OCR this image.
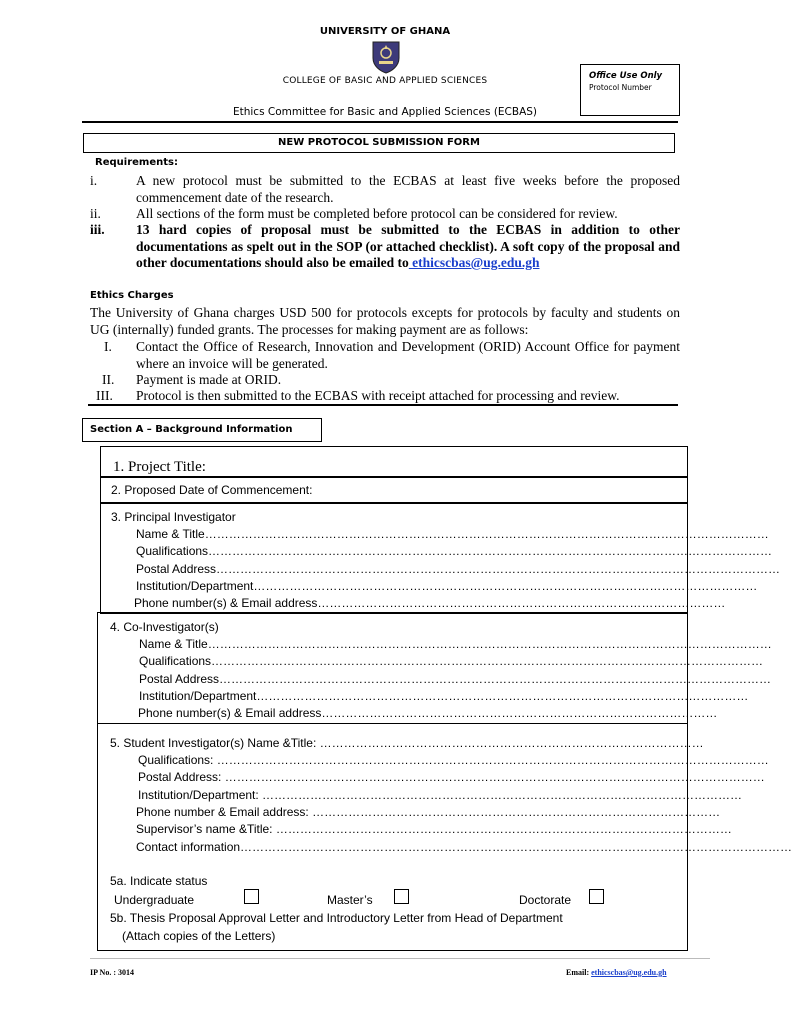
UNIVERSITY OF GHANA
COLLEGE OF BASIC AND APPLIED SCIENCES	Office Use Only
Protocol Number
Ethics Committee for Basic and Applied Sciences (ECBAS)
NEW PROTOCOL SUBMISSION FORM
Requirements:
i.	A new protocol must be submitted to the ECBAS at least five weeks before the proposed commencement date of the research.
ii.	All sections of the form must be completed before protocol can be considered for review.
iii. 13 hard copies of proposal must be submitted to the ECBAS in addition to other documentations as spelt out in the SOP (or attached checklist). A soft copy of the proposal and other documentations should also be emailed to ethicscbas@ug.edu.gh
Ethics Charges
The University of Ghana charges USD 500 for protocols excepts for protocols by faculty and students on UG (internally) funded grants. The processes for making payment are as follows:
I. Contact the Office of Research, Innovation and Development (ORID) Account Office for payment where an invoice will be generated.
II. Payment is made at ORID.
III. Protocol is then submitted to the ECBAS with receipt attached for processing and review.
Section A – Background Information
1. Project Title:
2. Proposed Date of Commencement:
3. Principal Investigator
Name & Title……………………………………………………………………………………………………………………………
Qualifications……………………………………………………………………………………………………………………………
Postal Address……………………………………………………………………………………………………………………………
Institution/Department………………………………………………………………………………………………………………
Phone number(s) & Email address…………………………………………………………………………………………
4. Co-Investigator(s)
Name & Title……………………………………………………………………………………………………………………………
Qualifications…………………………………………………………………………………………………………………………
Postal Address…………………………………………………………………………………………………………………………
Institution/Department……………………………………………………………………………………………………………
Phone number(s) & Email address………………………………………………………………………………………
5. Student Investigator(s) Name &Title: ……………………………………………………………………………………
Qualifications: …………………………………………………………………………………………………………………………
Postal Address: ………………………………………………………………………………………………………………………
Institution/Department: …………………………………………………………………………………………………………
Phone number & Email address: …………………………………………………………………………………………
Supervisor’s name &Title: ……………………………………………………………………………………………………
Contact information…………………………………………………………………………………………………………………………
5a. Indicate status
Undergraduate	Master’s	Doctorate
5b. Thesis Proposal Approval Letter and Introductory Letter from Head of Department
(Attach copies of the Letters)
IP No. : 3014	Email: ethicscbas@ug.edu.gh
